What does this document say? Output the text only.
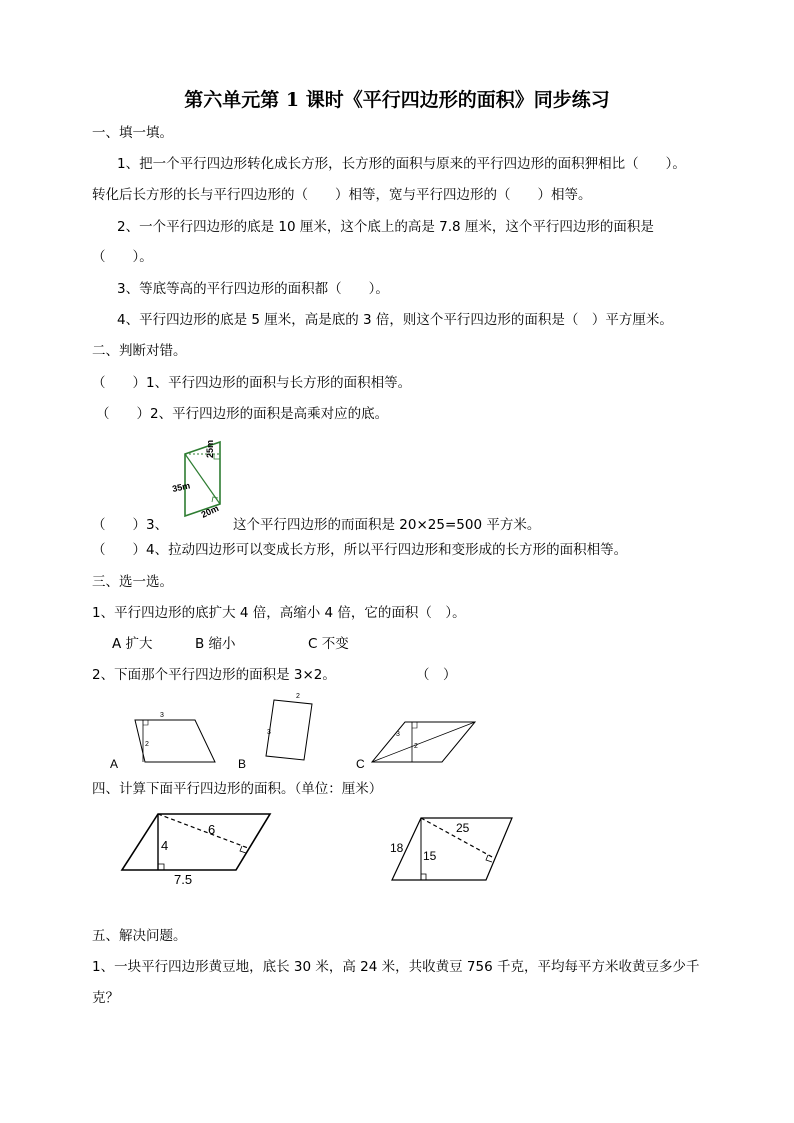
第六单元第 1 课时《平行四边形的面积》同步练习
一、填一填。
1、把一个平行四边形转化成长方形，长方形的面积与原来的平行四边形的面积狎相比（　　）。
转化后长方形的长与平行四边形的（　　）相等，宽与平行四边形的（　　）相等。
2、一个平行四边形的底是 10 厘米，这个底上的高是 7.8 厘米，这个平行四边形的面积是
（　　）。
3、等底等高的平行四边形的面积都（　　）。
4、平行四边形的底是 5 厘米，高是底的 3 倍，则这个平行四边形的面积是（　）平方厘米。
二、判断对错。
（　　）1、平行四边形的面积与长方形的面积相等。
（　　）2、平行四边形的面积是高乘对应的底。
25m
35m
20m
（　　）3、	这个平行四边形的而面积是 20×25=500 平方米。
（　　）4、拉动四边形可以变成长方形，所以平行四边形和变形成的长方形的面积相等。
三、选一选。
1、平行四边形的底扩大 4 倍，高缩小 4 倍，它的面积（　）。
A 扩大	B 缩小	C 不变
2、下面那个平行四边形的面积是 3×2。	（　）
3
2
A
2
3
B
3
2
C
四、计算下面平行四边形的面积。（单位：厘米）
6
4
7.5
18
25
15
五、解决问题。
1、一块平行四边形黄豆地，底长 30 米，高 24 米，共收黄豆 756 千克，平均每平方米收黄豆多少千
克？
